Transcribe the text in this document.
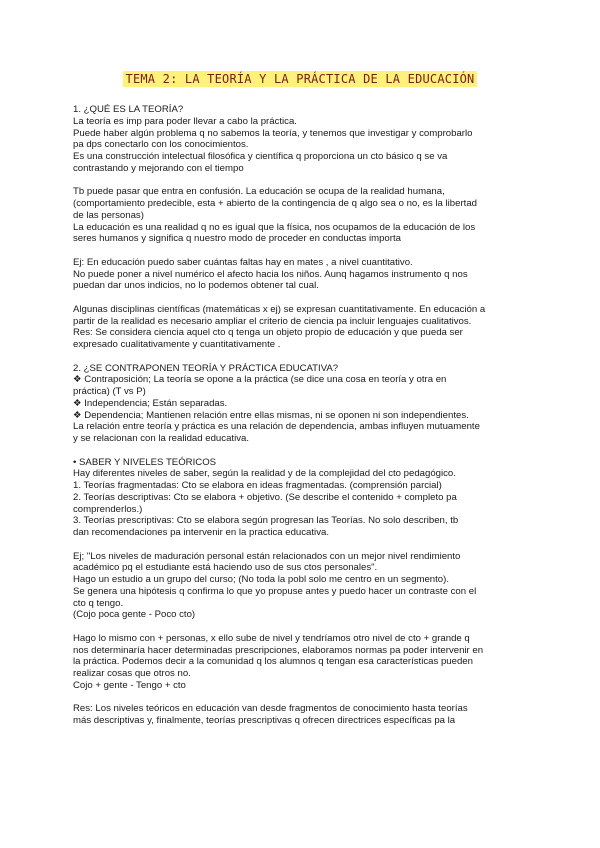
TEMA 2: LA TEORÍA Y LA PRÁCTICA DE LA EDUCACIÓN

1. ¿QUÉ ES LA TEORÍA?

La teoría es imp para poder llevar a cabo la práctica.

Puede haber algún problema q no sabemos la teoría, y tenemos que investigar y comprobarlo

pa dps conectarlo con los conocimientos.

Es una construcción intelectual filosófica y científica q proporciona un cto básico q se va

contrastando y mejorando con el tiempo

Tb puede pasar que entra en confusión. La educación se ocupa de la realidad humana,

(comportamiento predecible, esta + abierto de la contingencia de q algo sea o no, es la libertad

de las personas)

La educación es una realidad q no es igual que la física, nos ocupamos de la educación de los

seres humanos y significa q nuestro modo de proceder en conductas importa

Ej: En educación puedo saber cuántas faltas hay en mates , a nivel cuantitativo.

No puede poner a nivel numérico el afecto hacia los niños. Aunq hagamos instrumento q nos

puedan dar unos indicios, no lo podemos obtener tal cual.

Algunas disciplinas científicas (matemáticas x ej) se expresan cuantitativamente. En educación a

partir de la realidad es necesario ampliar el criterio de ciencia pa incluir lenguajes cualitativos.

Res: Se considera ciencia aquel cto q tenga un objeto propio de educación y que pueda ser

expresado cualitativamente y cuantitativamente .

2. ¿SE CONTRAPONEN TEORÍA Y PRÁCTICA EDUCATIVA?

❖ Contraposición; La teoría se opone a la práctica (se dice una cosa en teoría y otra en

práctica) (T vs P)

❖ Independencia; Están separadas.

❖ Dependencia; Mantienen relación entre ellas mismas, ni se oponen ni son independientes.

La relación entre teoría y práctica es una relación de dependencia, ambas influyen mutuamente

y se relacionan con la realidad educativa.

• SABER Y NIVELES TEÓRICOS

Hay diferentes niveles de saber, según la realidad y de la complejidad del cto pedagógico.

1. Teorías fragmentadas: Cto se elabora en ideas fragmentadas. (comprensión parcial)

2. Teorías descriptivas: Cto se elabora + objetivo. (Se describe el contenido + completo pa

comprenderlos.)

3. Teorías prescriptivas: Cto se elabora según progresan las Teorías. No solo describen, tb

dan recomendaciones pa intervenir en la practica educativa.

Ej; "Los niveles de maduración personal están relacionados con un mejor nivel rendimiento

académico pq el estudiante está haciendo uso de sus ctos personales".

Hago un estudio a un grupo del curso; (No toda la pobl solo me centro en un segmento).

Se genera una hipótesis q confirma lo que yo propuse antes y puedo hacer un contraste con el

cto q tengo.

(Cojo poca gente - Poco cto)

Hago lo mismo con + personas, x ello sube de nivel y tendríamos otro nivel de cto + grande q

nos determinaría hacer determinadas prescripciones, elaboramos normas pa poder intervenir en

la práctica. Podemos decir a la comunidad q los alumnos q tengan esa características pueden

realizar cosas que otros no.

Cojo + gente - Tengo + cto

Res: Los niveles teóricos en educación van desde fragmentos de conocimiento hasta teorías

más descriptivas y, finalmente, teorías prescriptivas q ofrecen directrices específicas pa la
